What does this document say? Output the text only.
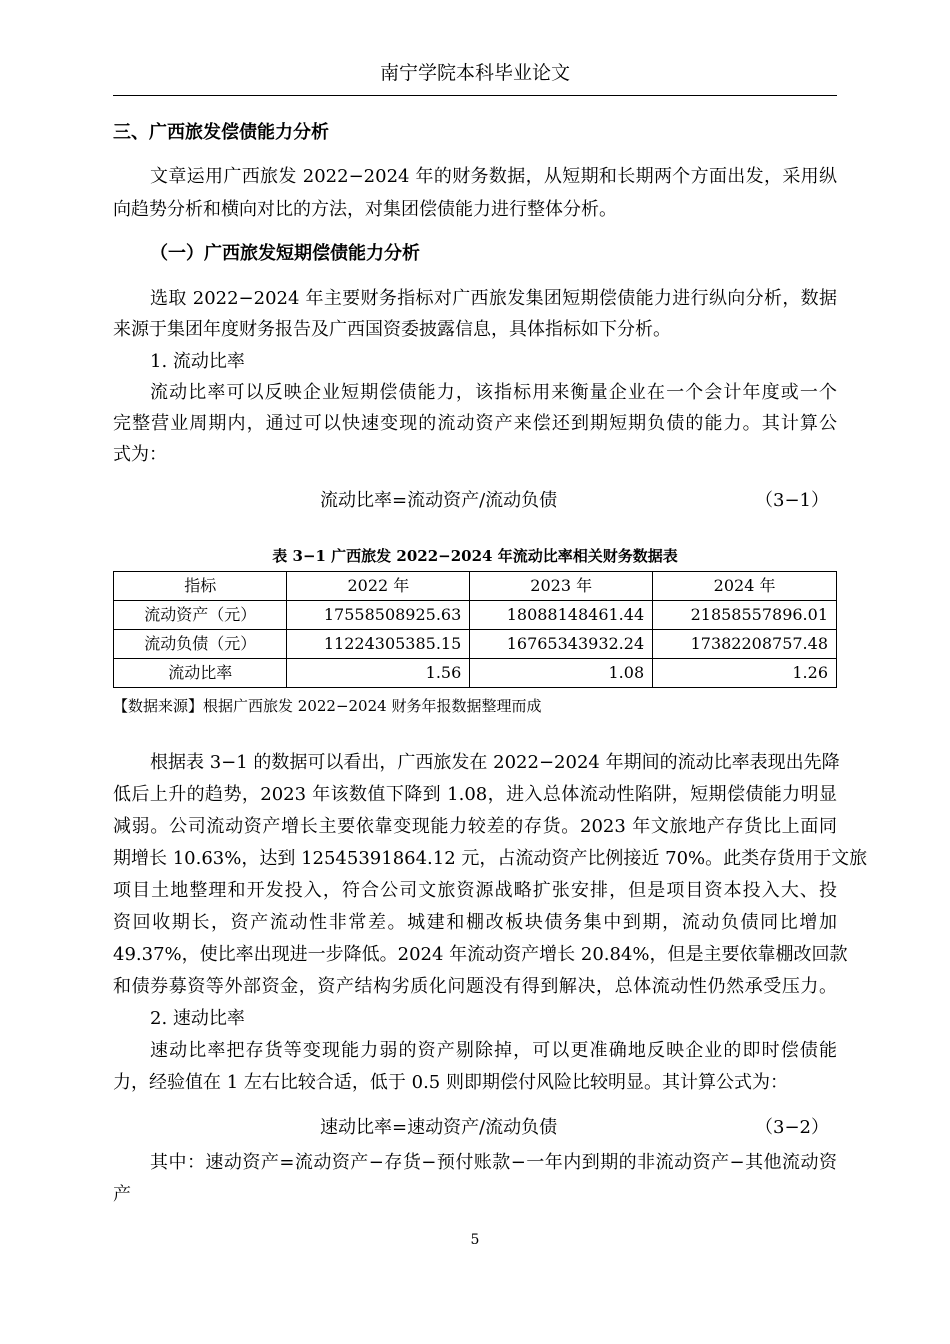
南宁学院本科毕业论文
三、广西旅发偿债能力分析
文章运用广西旅发 2022−2024 年的财务数据，从短期和长期两个方面出发，采用纵
向趋势分析和横向对比的方法，对集团偿债能力进行整体分析。
（一）广西旅发短期偿债能力分析
选取 2022−2024 年主要财务指标对广西旅发集团短期偿债能力进行纵向分析，数据
来源于集团年度财务报告及广西国资委披露信息，具体指标如下分析。
1. 流动比率
流动比率可以反映企业短期偿债能力，该指标用来衡量企业在一个会计年度或一个
完整营业周期内，通过可以快速变现的流动资产来偿还到期短期负债的能力。其计算公
式为：
流动比率=流动资产/流动负债	（3−1）
表 3−1 广西旅发 2022−2024 年流动比率相关财务数据表
指标	2022 年	2023 年	2024 年
流动资产（元）	17558508925.63	18088148461.44	21858557896.01
流动负债（元）	11224305385.15	16765343932.24	17382208757.48
流动比率	1.56	1.08	1.26
【数据来源】根据广西旅发 2022−2024 财务年报数据整理而成
根据表 3−1 的数据可以看出，广西旅发在 2022−2024 年期间的流动比率表现出先降
低后上升的趋势，2023 年该数值下降到 1.08，进入总体流动性陷阱，短期偿债能力明显
减弱。公司流动资产增长主要依靠变现能力较差的存货。2023 年文旅地产存货比上面同
期增长 10.63%，达到 12545391864.12 元，占流动资产比例接近 70%。此类存货用于文旅
项目土地整理和开发投入，符合公司文旅资源战略扩张安排，但是项目资本投入大、投
资回收期长，资产流动性非常差。城建和棚改板块债务集中到期，流动负债同比增加
49.37%，使比率出现进一步降低。2024 年流动资产增长 20.84%，但是主要依靠棚改回款
和债券募资等外部资金，资产结构劣质化问题没有得到解决，总体流动性仍然承受压力。
2. 速动比率
速动比率把存货等变现能力弱的资产剔除掉，可以更准确地反映企业的即时偿债能
力，经验值在 1 左右比较合适，低于 0.5 则即期偿付风险比较明显。其计算公式为：
速动比率=速动资产/流动负债	（3−2）
其中：速动资产=流动资产−存货−预付账款−一年内到期的非流动资产−其他流动资
产
5
